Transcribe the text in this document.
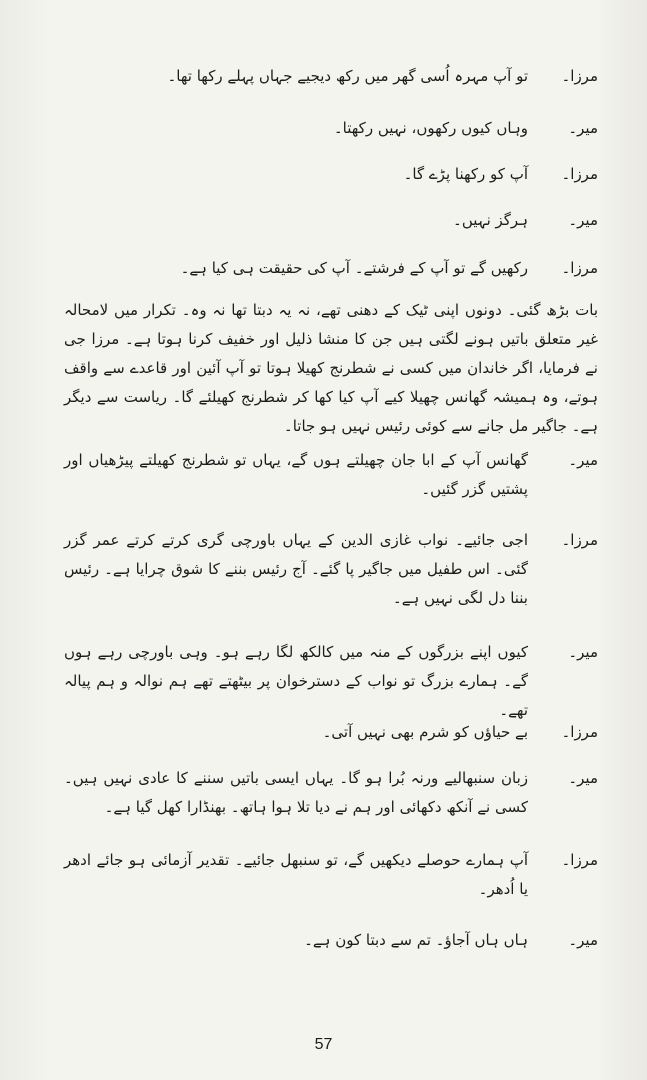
مرزا۔
تو آپ مہرہ اُسی گھر میں رکھ دیجیے جہاں پہلے رکھا تھا۔
میر۔
وہاں کیوں رکھوں، نہیں رکھتا۔
مرزا۔
آپ کو رکھنا پڑے گا۔
میر۔
ہرگز نہیں۔
مرزا۔
رکھیں گے تو آپ کے فرشتے۔ آپ کی حقیقت ہی کیا ہے۔
بات بڑھ گئی۔ دونوں اپنی ٹیک کے دھنی تھے، نہ یہ دبتا تھا نہ وہ۔ تکرار میں لامحالہ غیر متعلق باتیں ہونے لگتی ہیں جن کا منشا ذلیل اور خفیف کرنا ہوتا ہے۔ مرزا جی نے فرمایا، اگر خاندان میں کسی نے شطرنج کھیلا ہوتا تو آپ آئین اور قاعدے سے واقف ہوتے، وہ ہمیشہ گھانس چھیلا کیے آپ کیا کھا کر شطرنج کھیلئے گا۔ ریاست سے دیگر ہے۔ جاگیر مل جانے سے کوئی رئیس نہیں ہو جاتا۔
میر۔
گھانس آپ کے ابا جان چھیلتے ہوں گے، یہاں تو شطرنج کھیلتے پیڑھیاں اور پشتیں گزر گئیں۔
مرزا۔
اجی جائیے۔ نواب غازی الدین کے یہاں باورچی گری کرتے کرتے عمر گزر گئی۔ اس طفیل میں جاگیر پا گئے۔ آج رئیس بننے کا شوق چرایا ہے۔ رئیس بننا دل لگی نہیں ہے۔
میر۔
کیوں اپنے بزرگوں کے منہ میں کالکھ لگا رہے ہو۔ وہی باورچی رہے ہوں گے۔ ہمارے بزرگ تو نواب کے دسترخوان پر بیٹھتے تھے ہم نوالہ و ہم پیالہ تھے۔
مرزا۔
بے حیاؤں کو شرم بھی نہیں آتی۔
میر۔
زبان سنبھالیے ورنہ بُرا ہو گا۔ یہاں ایسی باتیں سننے کا عادی نہیں ہیں۔ کسی نے آنکھ دکھائی اور ہم نے دیا تلا ہوا ہاتھ۔ بھنڈارا کھل گیا ہے۔
مرزا۔
آپ ہمارے حوصلے دیکھیں گے، تو سنبھل جائیے۔ تقدیر آزمائی ہو جائے ادھر یا اُدھر۔
میر۔
ہاں ہاں آجاؤ۔ تم سے دبتا کون ہے۔
57
